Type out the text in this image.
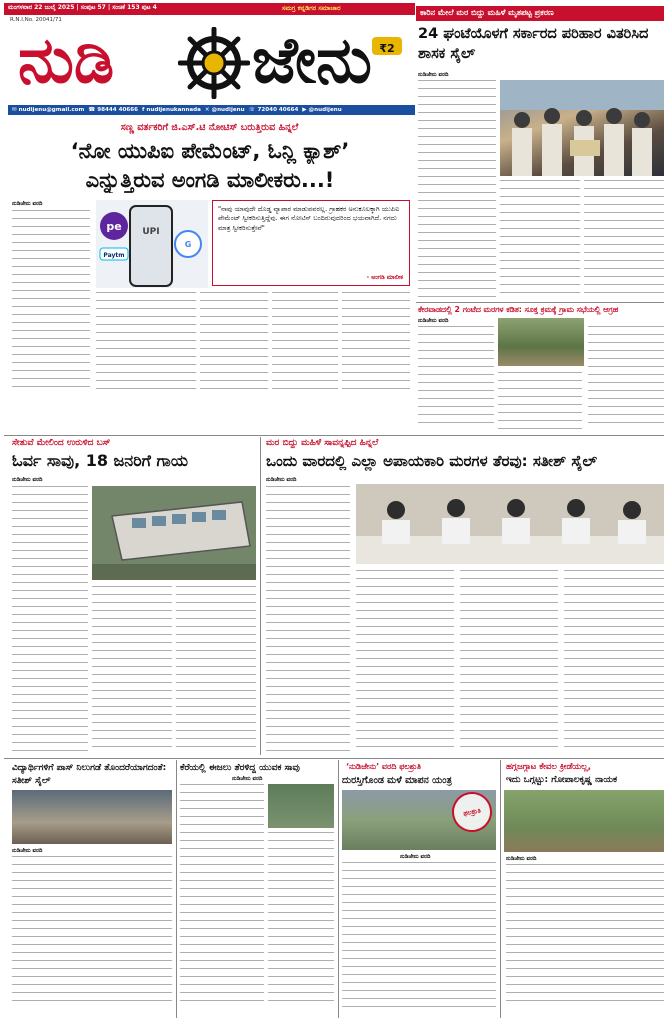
ಮಂಗಳವಾರ 22 ಜುಲೈ 2025 | ಸಂಪುಟ 57 | ಸಂಚಿಕೆ 153 ಪುಟ 4	ಸಮಗ್ರ ಕನ್ನಡಿಗರ ಸಮಾಚಾರ
R.N.I.No. 20041/71
ನುಡಿ ಜೇನು ₹2
✉ nudijenu@gmail.com ☎ 98444 40666 f nudijenukannada ✕ @nudijenu ☏ 72040 40664 ▶ @nudijenu
ಸಣ್ಣ ವರ್ತಕರಿಗೆ ಜಿ.ಎಸ್‌.ಟಿ ನೋಟಿಸ್ ಬರುತ್ತಿರುವ ಹಿನ್ನಲೆ
‘ನೋ ಯುಪಿಐ ಪೇಮೆಂಟ್, ಓನ್ಲಿ ಕ್ಯಾಶ್’
ಎನ್ನುತ್ತಿರುವ ಅಂಗಡಿ ಮಾಲೀಕರು...!
ನುಡಿಜೇನು ವರದಿ
pe
Paytm
G
UPI
"ನಾವು ಯಾವುದೇ ದೊಡ್ಡ ವ್ಯಾಪಾರ ಮಾಡುವವರಲ್ಲ. ಗ್ರಾಹಕರ ಅನುಕೂಲಕ್ಕಾಗಿ ಯುಪಿಐ ಪೇಮೆಂಟ್ ಸ್ವೀಕರಿಸುತ್ತಿದ್ದೆವು. ಈಗ ನೋಟಿಸ್ ಬಂದಿರುವುದರಿಂದ ಭಯವಾಗಿದೆ. ನಗದು ಮಾತ್ರ ಸ್ವೀಕರಿಸುತ್ತೇವೆ"
- ಅಂಗಡಿ ಮಾಲೀಕ
ಕಾರಿನ ಮೇಲೆ ಮರ ಬಿದ್ದು ಮಹಿಳೆ ಮೃತಪಟ್ಟ ಪ್ರಕರಣ
24 ಘಂಟೆಯೊಳಗೆ ಸರ್ಕಾರದ ಪರಿಹಾರ ವಿತರಿಸಿದ ಶಾಸಕ ಸೈಲ್
ನುಡಿಜೇನು ವರದಿ
ಕೇರವಾಡದಲ್ಲಿ 2 ಗಂಟೆದ ಮರಗಳ ಕಡಿತ: ಸೂಕ್ತ ಕ್ರಮಕ್ಕೆ ಗ್ರಾಮ ಸಭೆಯಲ್ಲಿ ಆಗ್ರಹ
ನುಡಿಜೇನು ವರದಿ
ಸೇತುವೆ ಮೇಲಿಂದ ಉರುಳಿದ ಬಸ್
ಓರ್ವ ಸಾವು, 18 ಜನರಿಗೆ ಗಾಯ
ನುಡಿಜೇನು ವರದಿ
ಮರ ಬಿದ್ದು ಮಹಿಳೆ ಸಾವನ್ನಪ್ಪಿದ ಹಿನ್ನಲೆ
ಒಂದು ವಾರದಲ್ಲಿ ಎಲ್ಲಾ ಅಪಾಯಕಾರಿ ಮರಗಳ ತೆರವು: ಸತೀಶ್ ಸೈಲ್
ನುಡಿಜೇನು ವರದಿ
ವಿದ್ಯಾರ್ಥಿಗಳಿಗೆ ಪಾಸ್ ನಿಲುಗಡೆ ತೊಂದರೆಯಾಗದಂತೆ: ಸತೀಶ್ ಸೈಲ್
ನುಡಿಜೇನು ವರದಿ
ಕೆರೆಯಲ್ಲಿ ಈಜಲು ತೆರಳಿದ್ದ ಯುವಕ ಸಾವು
ನುಡಿಜೇನು ವರದಿ
‘ನುಡಿಜೇನು’ ವರದಿ ಫಲಶ್ರುತಿ
ದುರಸ್ತಿಗೊಂಡ ಮಳೆ ಮಾಪನ ಯಂತ್ರ
ಫಲಶ್ರುತಿ
ನುಡಿಜೇನು ವರದಿ
ಹಗ್ಗಜಗ್ಗಾಟ ಕೇವಲ ಕ್ರೀಡೆಯಲ್ಲ,
ಇದು ಒಗ್ಗಟ್ಟು: ಗೋಪಾಲಕೃಷ್ಣ ನಾಯಕ
ನುಡಿಜೇನು ವರದಿ
